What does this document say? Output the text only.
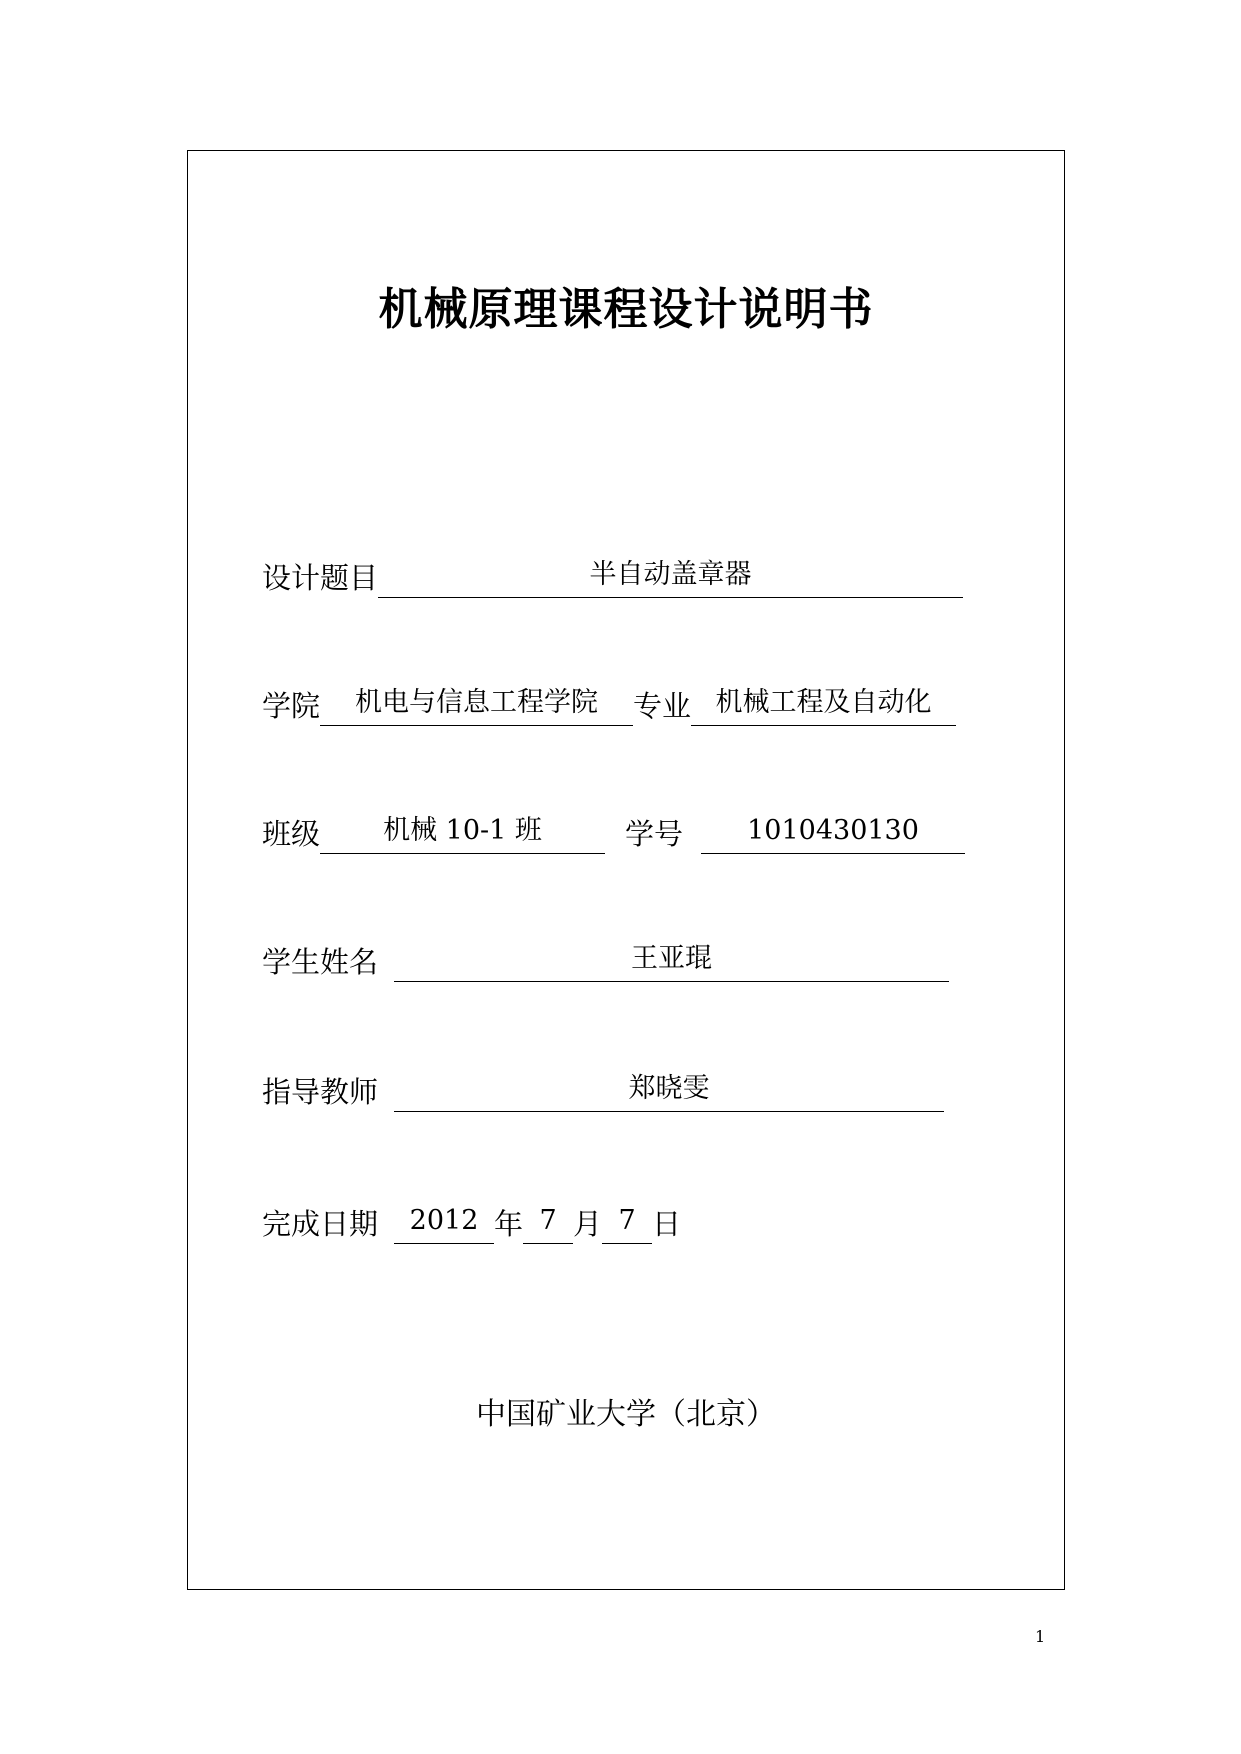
机械原理课程设计说明书
设计题目	半自动盖章器
学院	机电与信息工程学院	专业 机械工程及自动化
班级	机械 10-1 班	学号	1010430130
学生姓名	王亚琨
指导教师	郑晓雯
完成日期	2012 年 7 月 7 日
中国矿业大学（北京）
1
